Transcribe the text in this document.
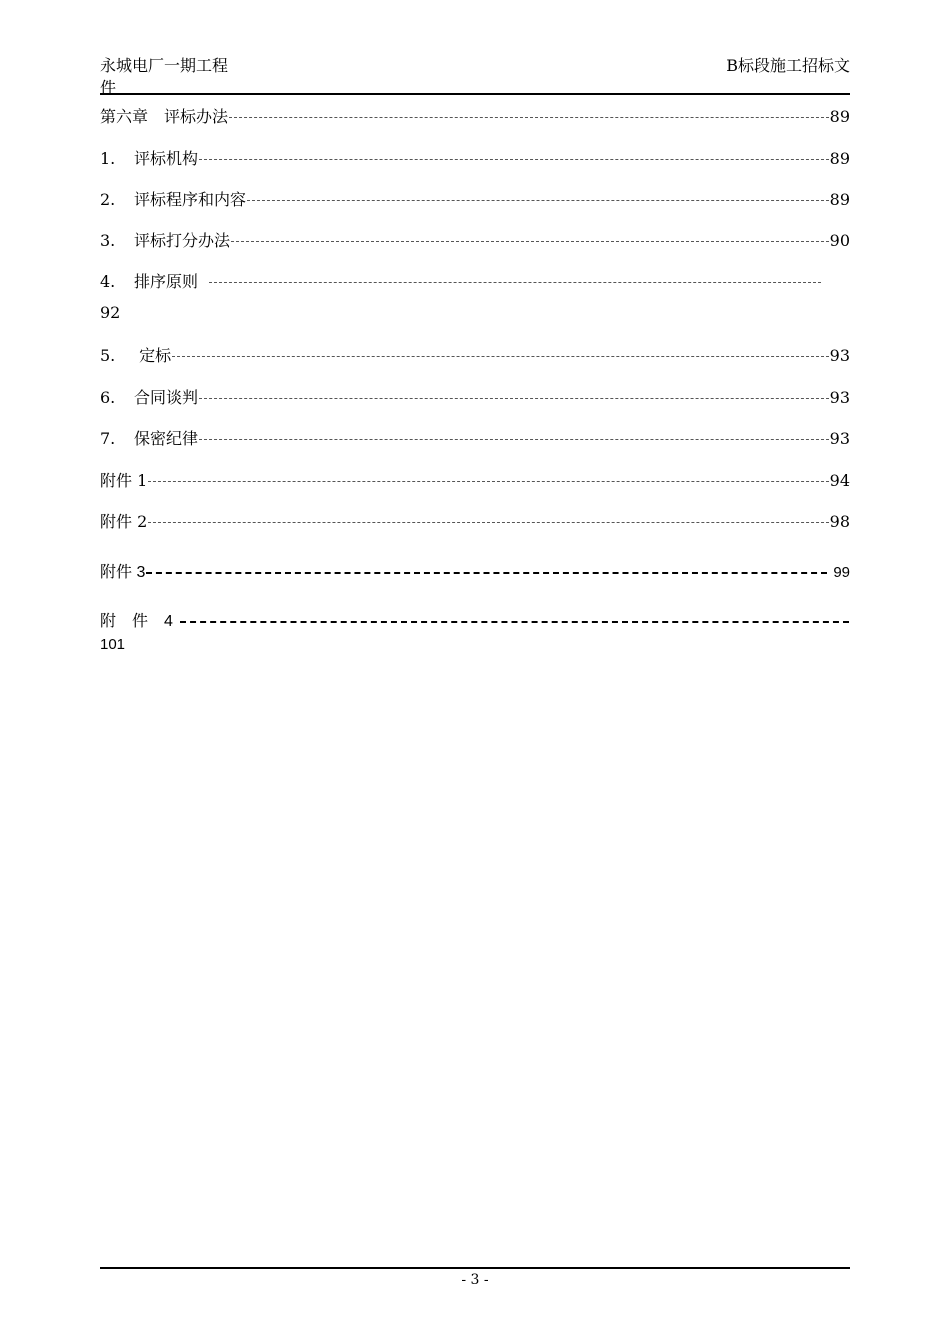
永城电厂一期工程
件
B标段施工招标文
第六章　评标办法	89
1.	评标机构	89
2.	评标程序和内容	89
3.	评标打分办法	90
4.	排序原则
92
5.	定标	93
6.	合同谈判	93
7.	保密纪律	93
附件 1	94
附件 2	98
附件 3	99
附　件　4
101
- 3 -
